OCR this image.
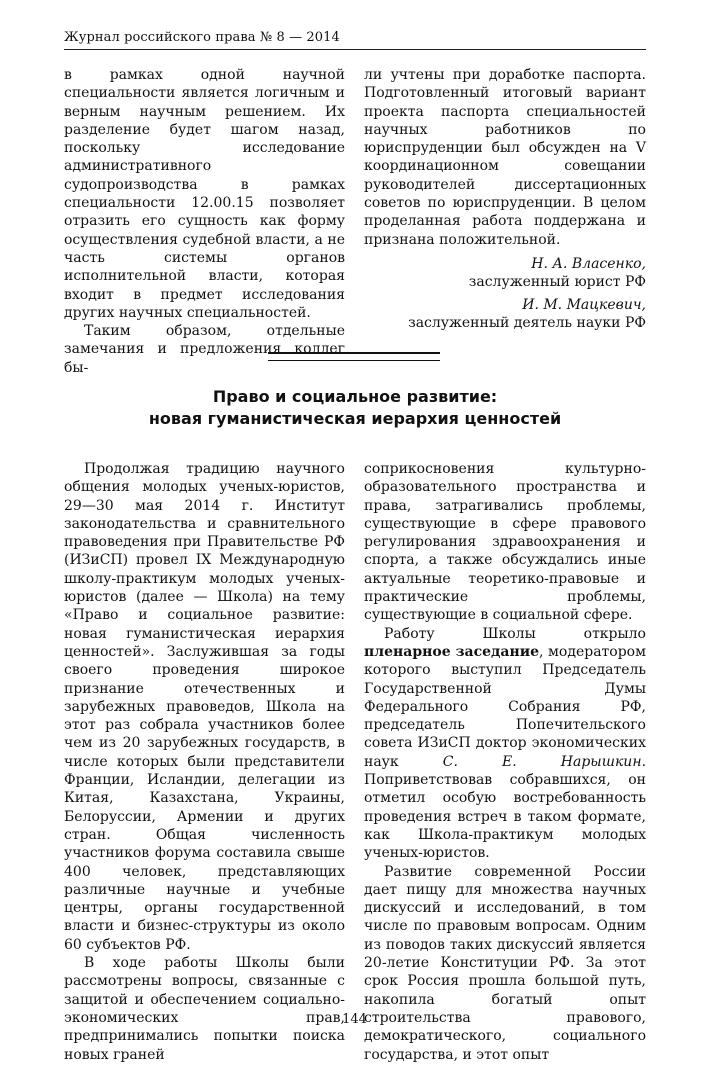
Журнал российского права № 8 — 2014

в рамках одной научной специальности является логичным и верным научным решением. Их разделение будет шагом назад, поскольку исследование административного судопроизводства в рамках специальности 12.00.15 позволяет отразить его сущность как форму осуществления судебной власти, а не часть системы органов исполнительной власти, которая входит в предмет исследования других научных специальностей.

Таким образом, отдельные замечания и предложения коллег бы-

ли учтены при доработке паспорта. Подготовленный итоговый вариант проекта паспорта специальностей научных работников по юриспруденции был обсужден на V координационном совещании руководителей диссертационных советов по юриспруденции. В целом проделанная работа поддержана и признана положительной.

Н. А. Власенко,
заслуженный юрист РФ
И. М. Мацкевич,
заслуженный деятель науки РФ
Право и социальное развитие:
новая гуманистическая иерархия ценностей

Продолжая традицию научного общения молодых ученых-юристов, 29—30 мая 2014 г. Институт законодательства и сравнительного правоведения при Правительстве РФ (ИЗиСП) провел IX Международную школу-практикум молодых ученых-юристов (далее — Школа) на тему «Право и социальное развитие: новая гуманистическая иерархия ценностей». Заслужившая за годы своего проведения широкое признание отечественных и зарубежных правоведов, Школа на этот раз собрала участников более чем из 20 зарубежных государств, в числе которых были представители Франции, Исландии, делегации из Китая, Казахстана, Украины, Белоруссии, Армении и других стран. Общая численность участников форума составила свыше 400 человек, представляющих различные научные и учебные центры, органы государственной власти и бизнес-структуры из около 60 субъектов РФ.

В ходе работы Школы были рассмотрены вопросы, связанные с защитой и обеспечением социально-экономических прав, предпринимались попытки поиска новых граней

соприкосновения культурно-образовательного пространства и права, затрагивались проблемы, существующие в сфере правового регулирования здравоохранения и спорта, а также обсуждались иные актуальные теоретико-правовые и практические проблемы, существующие в социальной сфере.

Работу Школы открыло пленарное заседание, модератором которого выступил Председатель Государственной Думы Федерального Собрания РФ, председатель Попечительского совета ИЗиСП доктор экономических наук С. Е. Нарышкин. Поприветствовав собравшихся, он отметил особую востребованность проведения встреч в таком формате, как Школа-практикум молодых ученых-юристов.

Развитие современной России дает пищу для множества научных дискуссий и исследований, в том числе по правовым вопросам. Одним из поводов таких дискуссий является 20-летие Конституции РФ. За этот срок Россия прошла большой путь, накопила богатый опыт строительства правового, демократического, социального государства, и этот опыт

144
